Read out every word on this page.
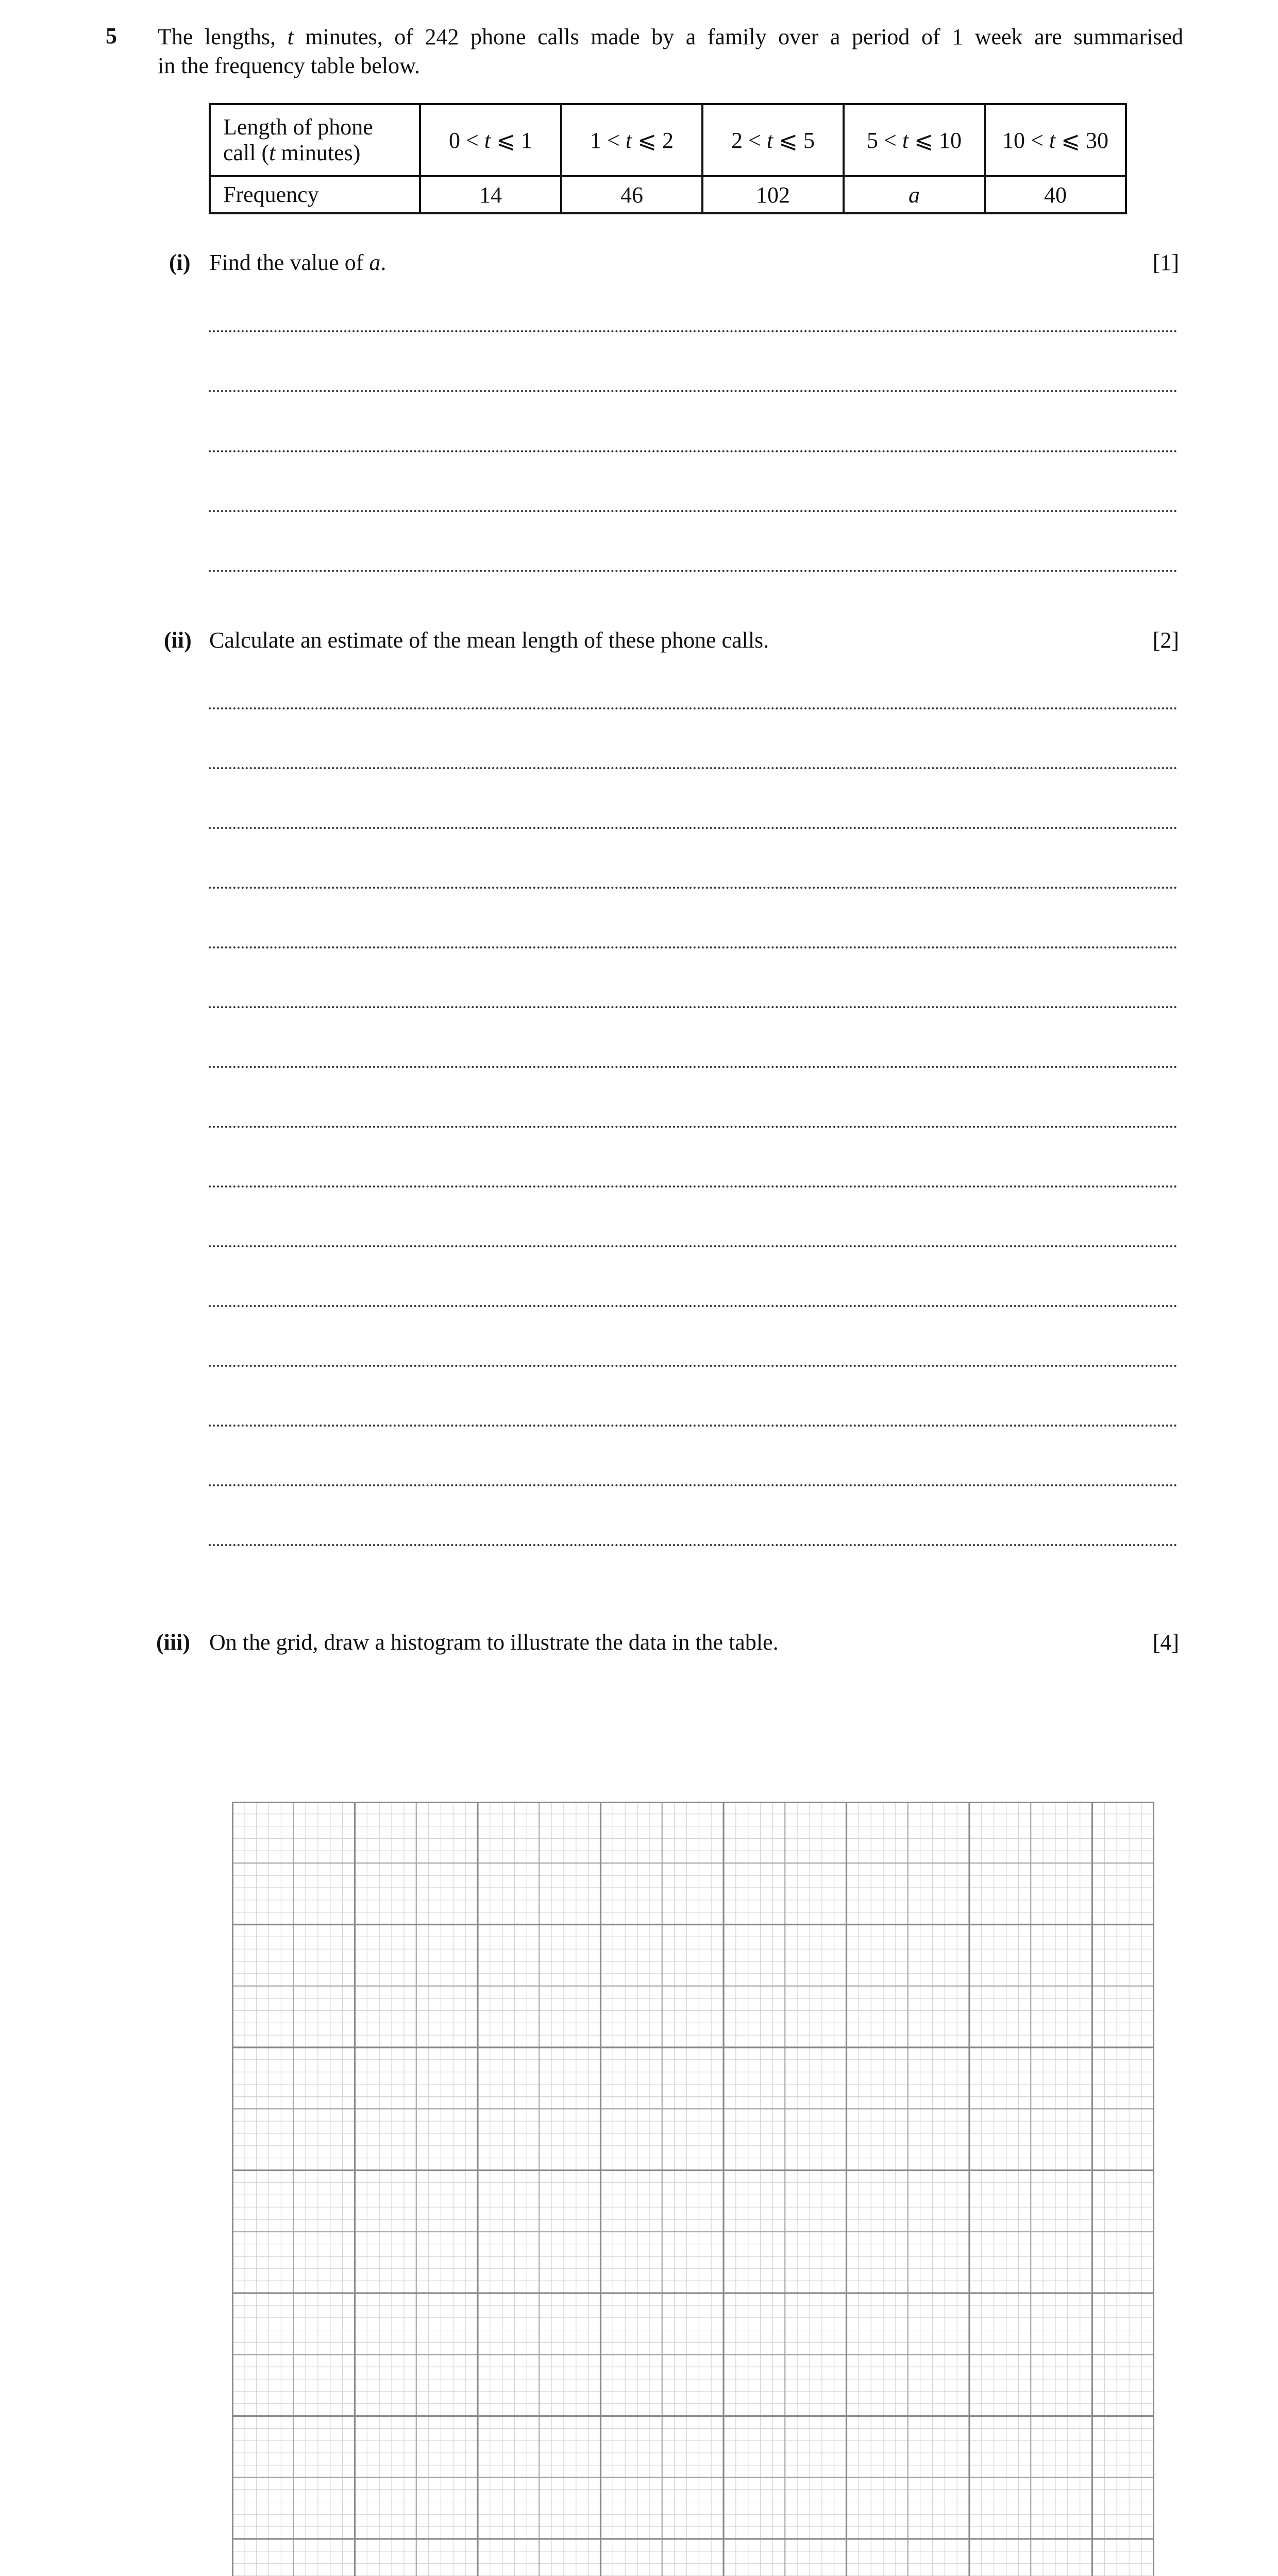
5 The lengths, t minutes, of 242 phone calls made by a family over a period of 1 week are summarised
in the frequency table below.
Length of phone
call (t minutes)	0 < t ⩽ 1	1 < t ⩽ 2	2 < t ⩽ 5	5 < t ⩽ 10	10 < t ⩽ 30
Frequency	14	46	102	a	40
(i) Find the value of a.	[1]
(ii) Calculate an estimate of the mean length of these phone calls.	[2]
(iii) On the grid, draw a histogram to illustrate the data in the table.	[4]
